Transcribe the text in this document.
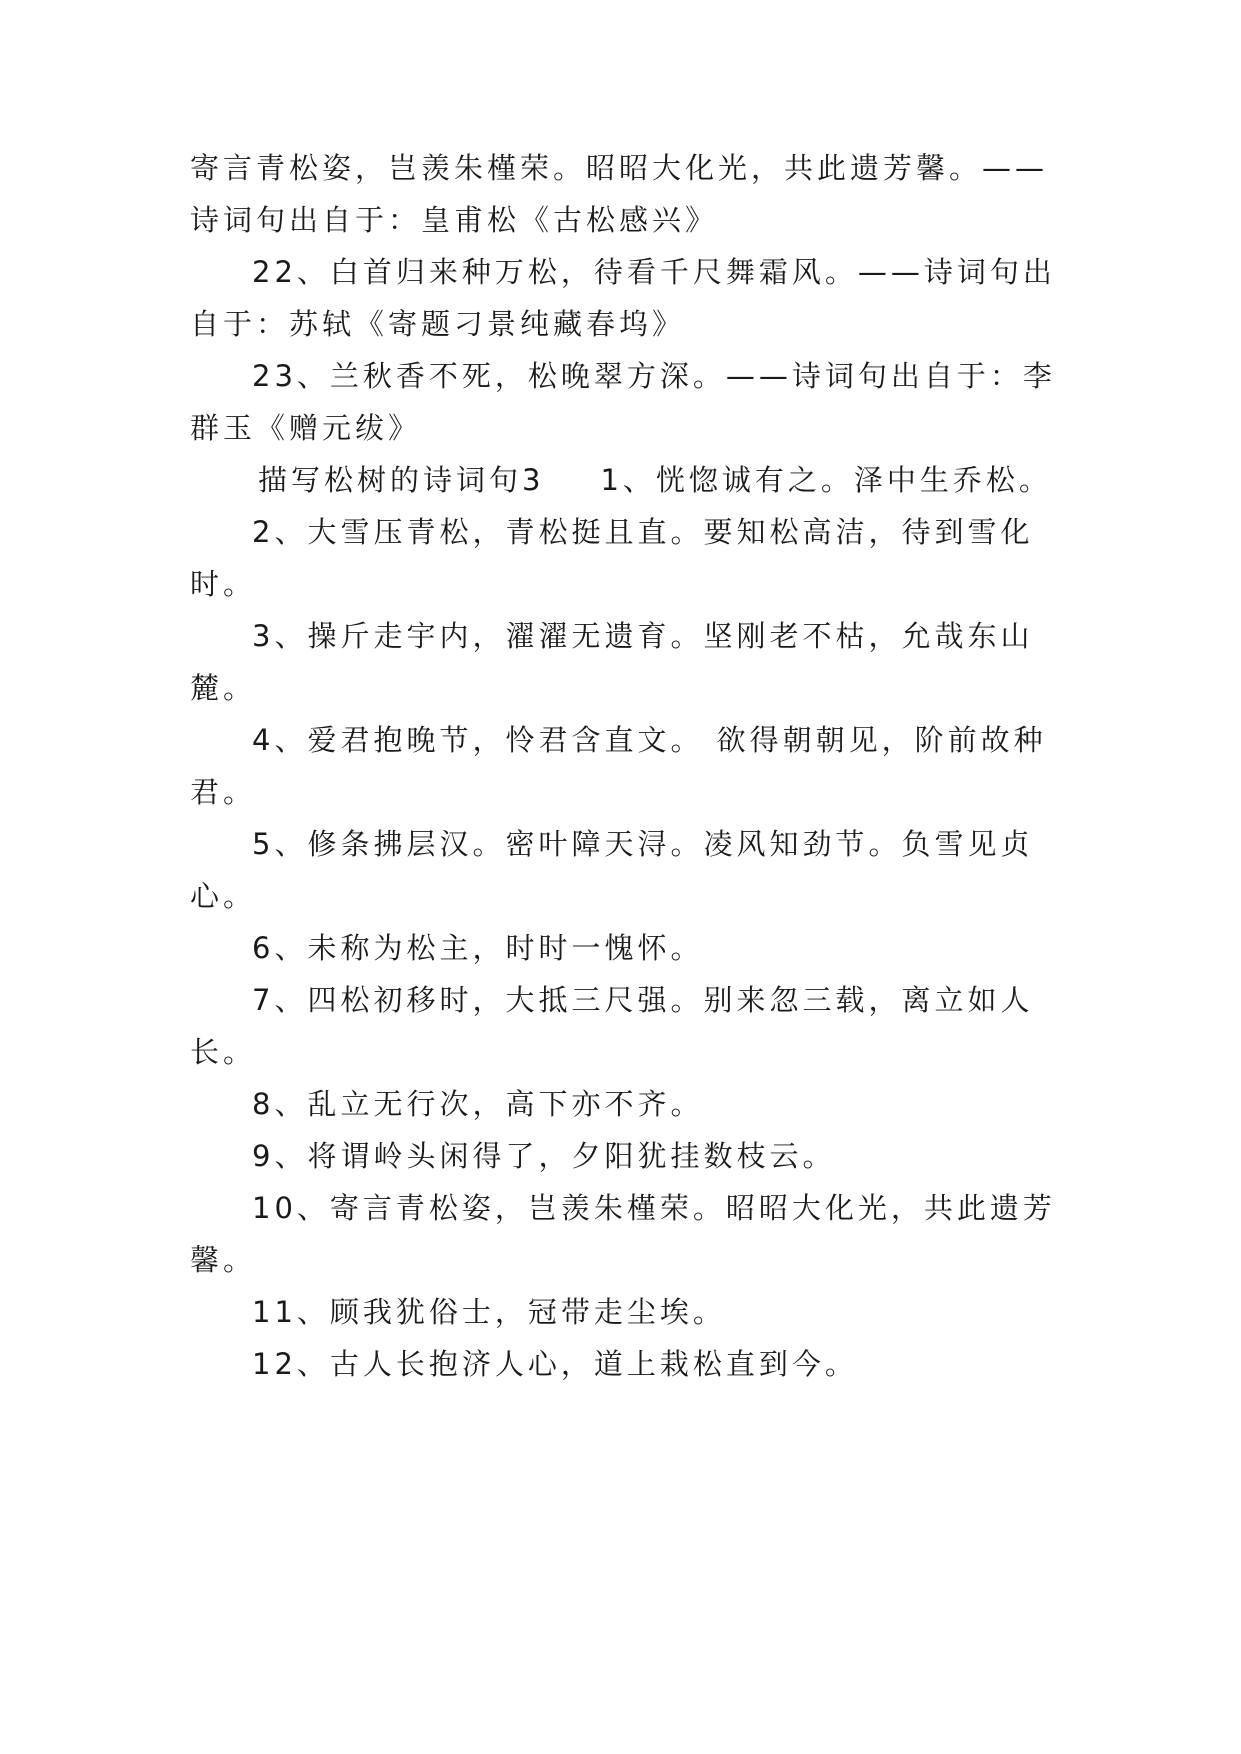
寄言青松姿，岂羡朱槿荣。昭昭大化光，共此遗芳馨。——

诗词句出自于：皇甫松《古松感兴》

22、白首归来种万松，待看千尺舞霜风。——诗词句出

自于：苏轼《寄题刁景纯藏春坞》

23、兰秋香不死，松晚翠方深。——诗词句出自于：李

群玉《赠元绂》

描写松树的诗词句3 1、恍惚诚有之。泽中生乔松。

2、大雪压青松，青松挺且直。要知松高洁，待到雪化

时。

3、操斤走宇内，濯濯无遗育。坚刚老不枯，允哉东山

麓。

4、爱君抱晚节，怜君含直文。 欲得朝朝见，阶前故种

君。

5、修条拂层汉。密叶障天浔。凌风知劲节。负雪见贞

心。

6、未称为松主，时时一愧怀。

7、四松初移时，大抵三尺强。别来忽三载，离立如人

长。

8、乱立无行次，高下亦不齐。

9、将谓岭头闲得了，夕阳犹挂数枝云。

10、寄言青松姿，岂羡朱槿荣。昭昭大化光，共此遗芳

馨。

11、顾我犹俗士，冠带走尘埃。

12、古人长抱济人心，道上栽松直到今。
